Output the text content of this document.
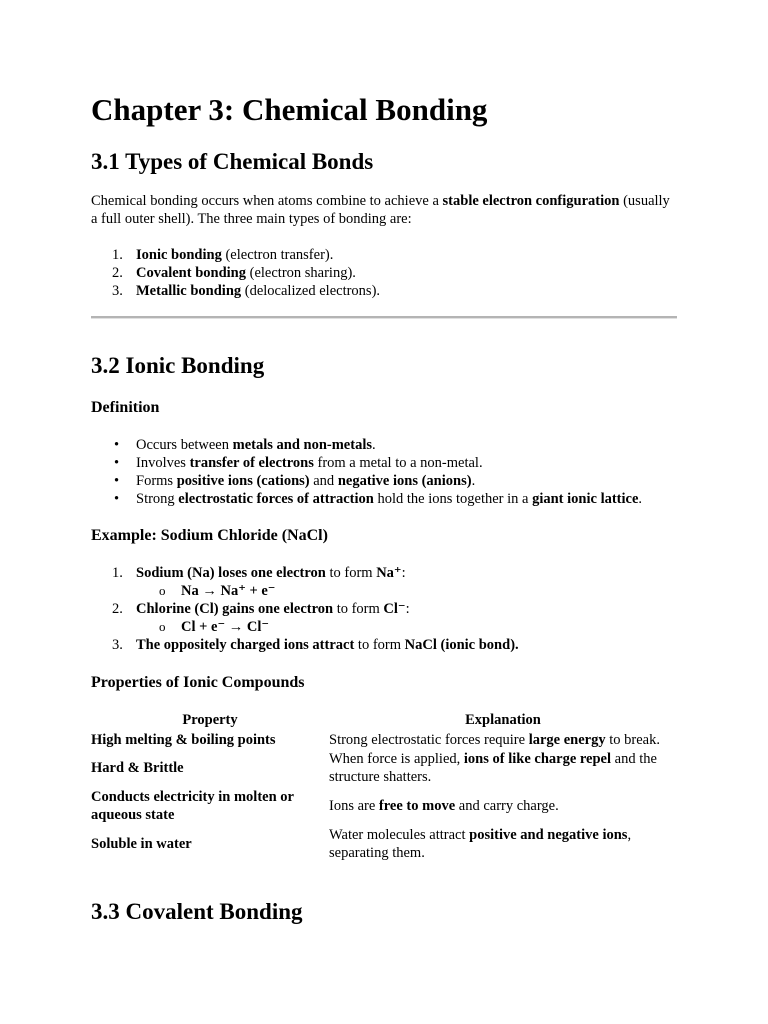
Chapter 3: Chemical Bonding
3.1 Types of Chemical Bonds

Chemical bonding occurs when atoms combine to achieve a stable electron configuration (usually a full outer shell). The three main types of bonding are:

1. Ionic bonding (electron transfer).
2. Covalent bonding (electron sharing).
3. Metallic bonding (delocalized electrons).
3.2 Ionic Bonding
Definition
• Occurs between metals and non-metals.
• Involves transfer of electrons from a metal to a non-metal.
• Forms positive ions (cations) and negative ions (anions).
• Strong electrostatic forces of attraction hold the ions together in a giant ionic lattice.
Example: Sodium Chloride (NaCl)
1. Sodium (Na) loses one electron to form Na⁺:
o Na → Na⁺ + e⁻
2. Chlorine (Cl) gains one electron to form Cl⁻:
o Cl + e⁻ → Cl⁻
3. The oppositely charged ions attract to form NaCl (ionic bond).
Properties of Ionic Compounds
Property	Explanation
High melting & boiling points	Strong electrostatic forces require large energy to break.
Hard & Brittle	When force is applied, ions of like charge repel and the structure shatters.
Conducts electricity in molten or aqueous state	Ions are free to move and carry charge.
Soluble in water	Water molecules attract positive and negative ions, separating them.
3.3 Covalent Bonding
